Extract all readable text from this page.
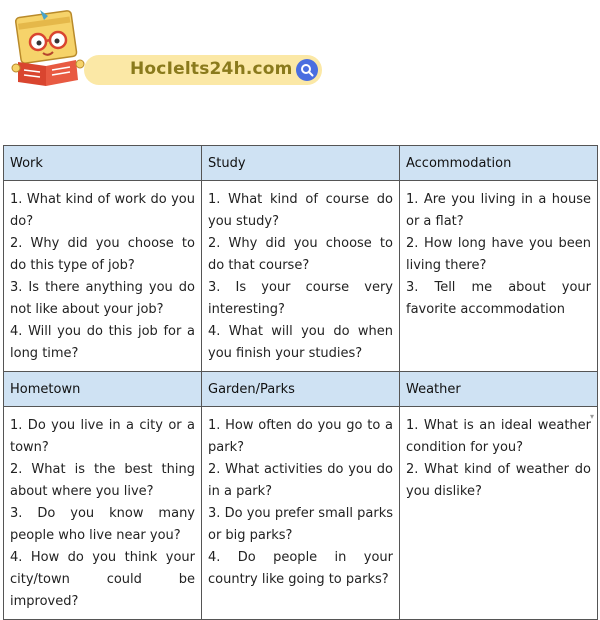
HocIelts24h.com
Work	Study	Accommodation

1. What kind of work do you do?
2. Why did you choose to do this type of job?
3. Is there anything you do not like about your job?
4. Will you do this job for a long time?	1. What kind of course do you study?
2. Why did you choose to do that course?
3. Is your course very interesting?
4. What will you do when you finish your studies?	1. Are you living in a house or a flat?
2. How long have you been living there?
3. Tell me about your favorite accommodation

Hometown	Garden/Parks	Weather

1. Do you live in a city or a town?
2. What is the best thing about where you live?
3. Do you know many people who live near you?
4. How do you think your city/town could be improved?	1. How often do you go to a park?
2. What activities do you do in a park?
3. Do you prefer small parks or big parks?
4. Do people in your country like going to parks?	1. What is an ideal weather condition for you?
2. What kind of weather do you dislike?
▾
